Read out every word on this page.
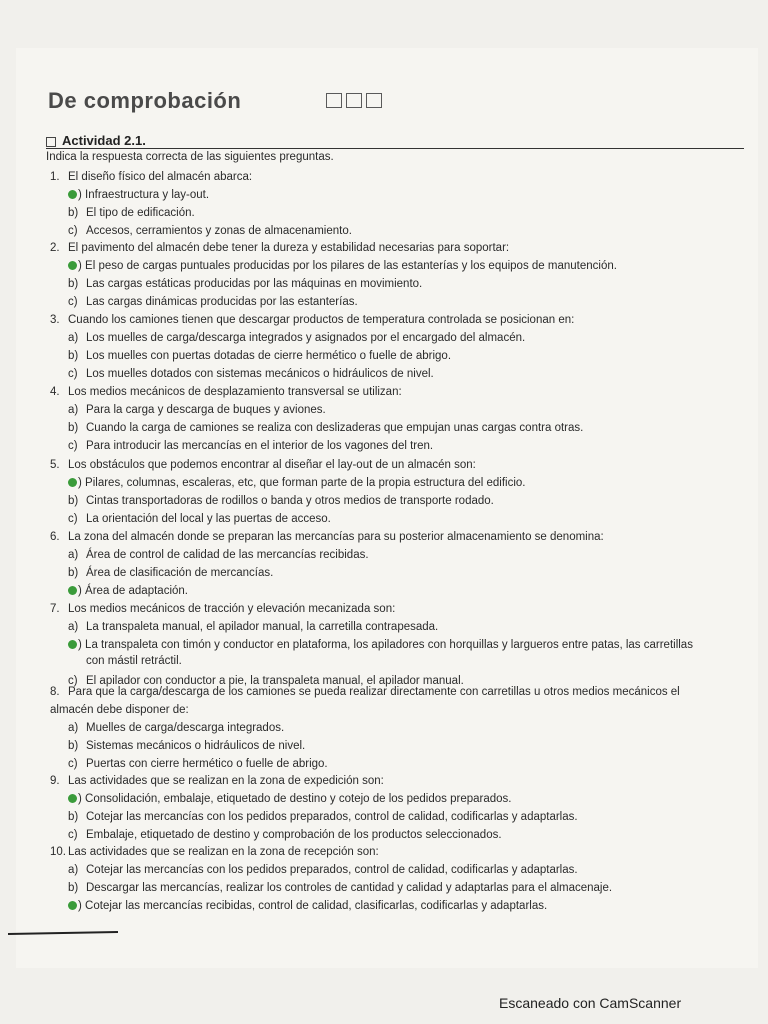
De comprobación
Actividad 2.1.
Indica la respuesta correcta de las siguientes preguntas.
1. El diseño físico del almacén abarca:
) Infraestructura y lay-out.
b) El tipo de edificación.
c) Accesos, cerramientos y zonas de almacenamiento.
2. El pavimento del almacén debe tener la dureza y estabilidad necesarias para soportar:
) El peso de cargas puntuales producidas por los pilares de las estanterías y los equipos de manutención.
b) Las cargas estáticas producidas por las máquinas en movimiento.
c) Las cargas dinámicas producidas por las estanterías.
3. Cuando los camiones tienen que descargar productos de temperatura controlada se posicionan en:
a) Los muelles de carga/descarga integrados y asignados por el encargado del almacén.
b) Los muelles con puertas dotadas de cierre hermético o fuelle de abrigo.
c) Los muelles dotados con sistemas mecánicos o hidráulicos de nivel.
4. Los medios mecánicos de desplazamiento transversal se utilizan:
a) Para la carga y descarga de buques y aviones.
b) Cuando la carga de camiones se realiza con deslizaderas que empujan unas cargas contra otras.
c) Para introducir las mercancías en el interior de los vagones del tren.
5. Los obstáculos que podemos encontrar al diseñar el lay-out de un almacén son:
) Pilares, columnas, escaleras, etc, que forman parte de la propia estructura del edificio.
b) Cintas transportadoras de rodillos o banda y otros medios de transporte rodado.
c) La orientación del local y las puertas de acceso.
6. La zona del almacén donde se preparan las mercancías para su posterior almacenamiento se denomina:
a) Área de control de calidad de las mercancías recibidas.
b) Área de clasificación de mercancías.
) Área de adaptación.
7. Los medios mecánicos de tracción y elevación mecanizada son:
a) La transpaleta manual, el apilador manual, la carretilla contrapesada.
) La transpaleta con timón y conductor en plataforma, los apiladores con horquillas y largueros entre patas, las carretillas
con mástil retráctil.
c) El apilador con conductor a pie, la transpaleta manual, el apilador manual.
8. Para que la carga/descarga de los camiones se pueda realizar directamente con carretillas u otros medios mecánicos el
almacén debe disponer de:
a) Muelles de carga/descarga integrados.
b) Sistemas mecánicos o hidráulicos de nivel.
c) Puertas con cierre hermético o fuelle de abrigo.
9. Las actividades que se realizan en la zona de expedición son:
) Consolidación, embalaje, etiquetado de destino y cotejo de los pedidos preparados.
b) Cotejar las mercancías con los pedidos preparados, control de calidad, codificarlas y adaptarlas.
c) Embalaje, etiquetado de destino y comprobación de los productos seleccionados.
10. Las actividades que se realizan en la zona de recepción son:
a) Cotejar las mercancías con los pedidos preparados, control de calidad, codificarlas y adaptarlas.
b) Descargar las mercancías, realizar los controles de cantidad y calidad y adaptarlas para el almacenaje.
) Cotejar las mercancías recibidas, control de calidad, clasificarlas, codificarlas y adaptarlas.
Escaneado con CamScanner
